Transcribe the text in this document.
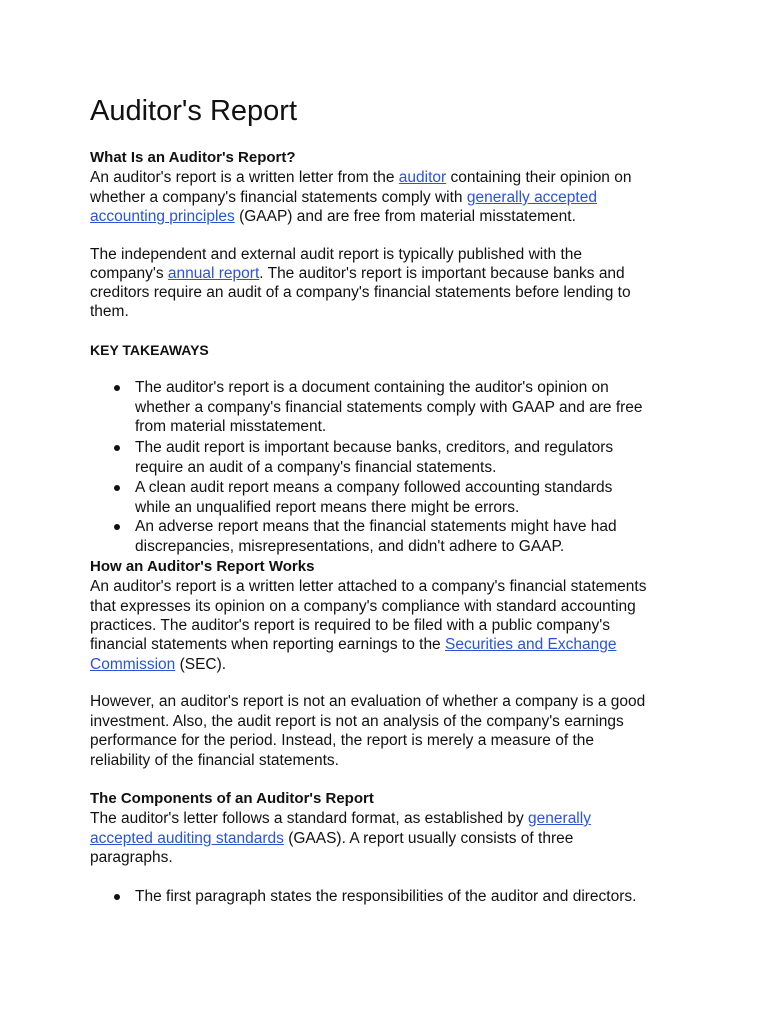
Auditor's Report
What Is an Auditor's Report?
An auditor's report is a written letter from the auditor containing their opinion on
whether a company's financial statements comply with generally accepted
accounting principles (GAAP) and are free from material misstatement.
The independent and external audit report is typically published with the
company's annual report. The auditor's report is important because banks and
creditors require an audit of a company's financial statements before lending to
them.
KEY TAKEAWAYS
The auditor's report is a document containing the auditor's opinion on
whether a company's financial statements comply with GAAP and are free
from material misstatement.
The audit report is important because banks, creditors, and regulators
require an audit of a company's financial statements.
A clean audit report means a company followed accounting standards
while an unqualified report means there might be errors.
An adverse report means that the financial statements might have had
discrepancies, misrepresentations, and didn't adhere to GAAP.
How an Auditor's Report Works
An auditor's report is a written letter attached to a company's financial statements
that expresses its opinion on a company's compliance with standard accounting
practices. The auditor's report is required to be filed with a public company's
financial statements when reporting earnings to the Securities and Exchange
Commission (SEC).
However, an auditor's report is not an evaluation of whether a company is a good
investment. Also, the audit report is not an analysis of the company's earnings
performance for the period. Instead, the report is merely a measure of the
reliability of the financial statements.
The Components of an Auditor's Report
The auditor's letter follows a standard format, as established by generally
accepted auditing standards (GAAS). A report usually consists of three
paragraphs.
The first paragraph states the responsibilities of the auditor and directors.
